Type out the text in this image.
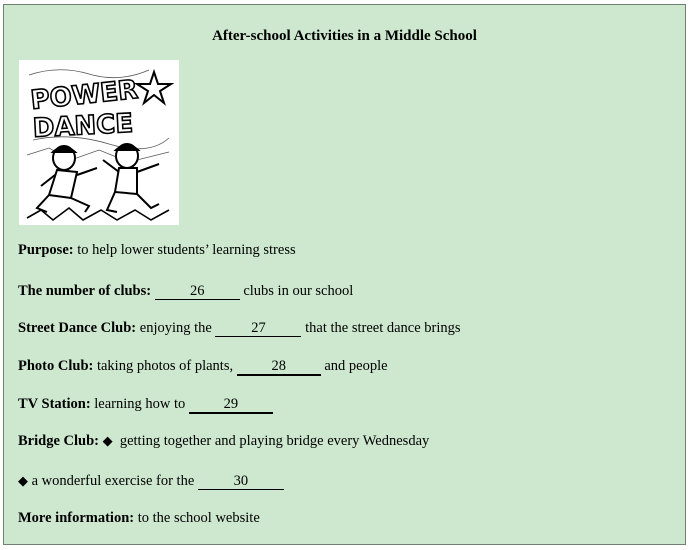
After-school Activities in a Middle School
POWER
DANCE
Purpose: to help lower students’ learning stress
The number of clubs:	26 clubs in our school
Street Dance Club: enjoying the 27 that the street dance brings
Photo Club: taking photos of plants, 28 and people
TV Station: learning how to 29
Bridge Club: ◆  getting together and playing bridge every Wednesday
◆ a wonderful exercise for the 30
More information: to the school website
